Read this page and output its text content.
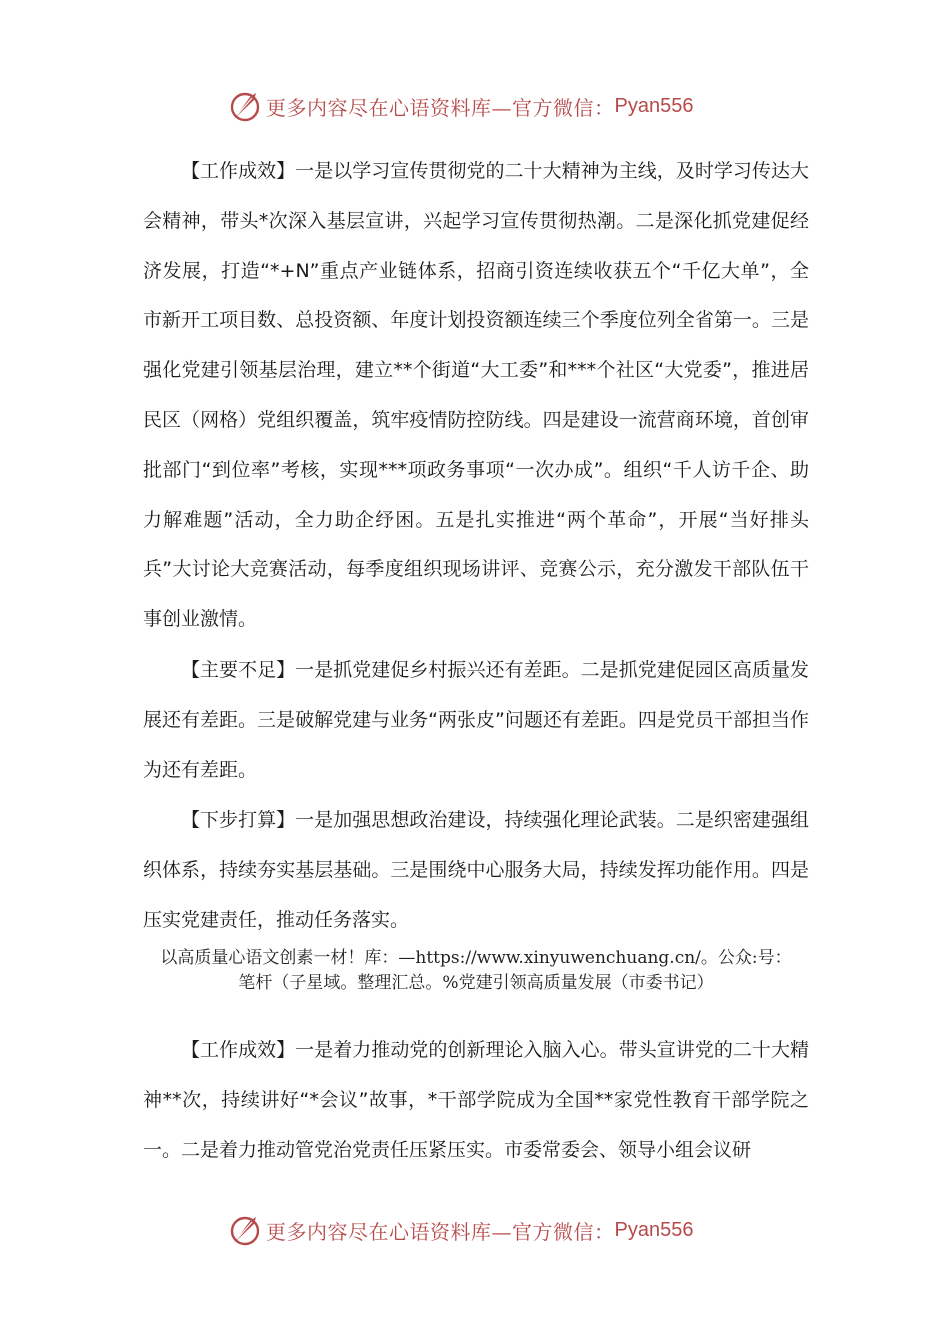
更多内容尽在心语资料库—官方微信： Pyan556

【工作成效】一是以学习宣传贯彻党的二十大精神为主线，及时学习传达大会精神，带头*次深入基层宣讲，兴起学习宣传贯彻热潮。二是深化抓党建促经济发展，打造“*+N”重点产业链体系，招商引资连续收获五个“千亿大单”，全市新开工项目数、总投资额、年度计划投资额连续三个季度位列全省第一。三是强化党建引领基层治理，建立**个街道“大工委”和***个社区“大党委”，推进居民区（网格）党组织覆盖，筑牢疫情防控防线。四是建设一流营商环境，首创审批部门“到位率”考核，实现***项政务事项“一次办成”。组织“千人访千企、助力解难题”活动，全力助企纾困。五是扎实推进“两个革命”，开展“当好排头兵”大讨论大竞赛活动，每季度组织现场讲评、竞赛公示，充分激发干部队伍干事创业激情。

【主要不足】一是抓党建促乡村振兴还有差距。二是抓党建促园区高质量发展还有差距。三是破解党建与业务“两张皮”问题还有差距。四是党员干部担当作为还有差距。

【下步打算】一是加强思想政治建设，持续强化理论武装。二是织密建强组织体系，持续夯实基层基础。三是围绕中心服务大局，持续发挥功能作用。四是压实党建责任，推动任务落实。

以高质量心语文创素一材！库：—https://www.xinyuwenchuang.cn/。公众:号：
笔杆（子星域。整理汇总。%党建引领高质量发展（市委书记）

【工作成效】一是着力推动党的创新理论入脑入心。带头宣讲党的二十大精神**次，持续讲好“*会议”故事，*干部学院成为全国**家党性教育干部学院之一。二是着力推动管党治党责任压紧压实。市委常委会、领导小组会议研

更多内容尽在心语资料库—官方微信： Pyan556
